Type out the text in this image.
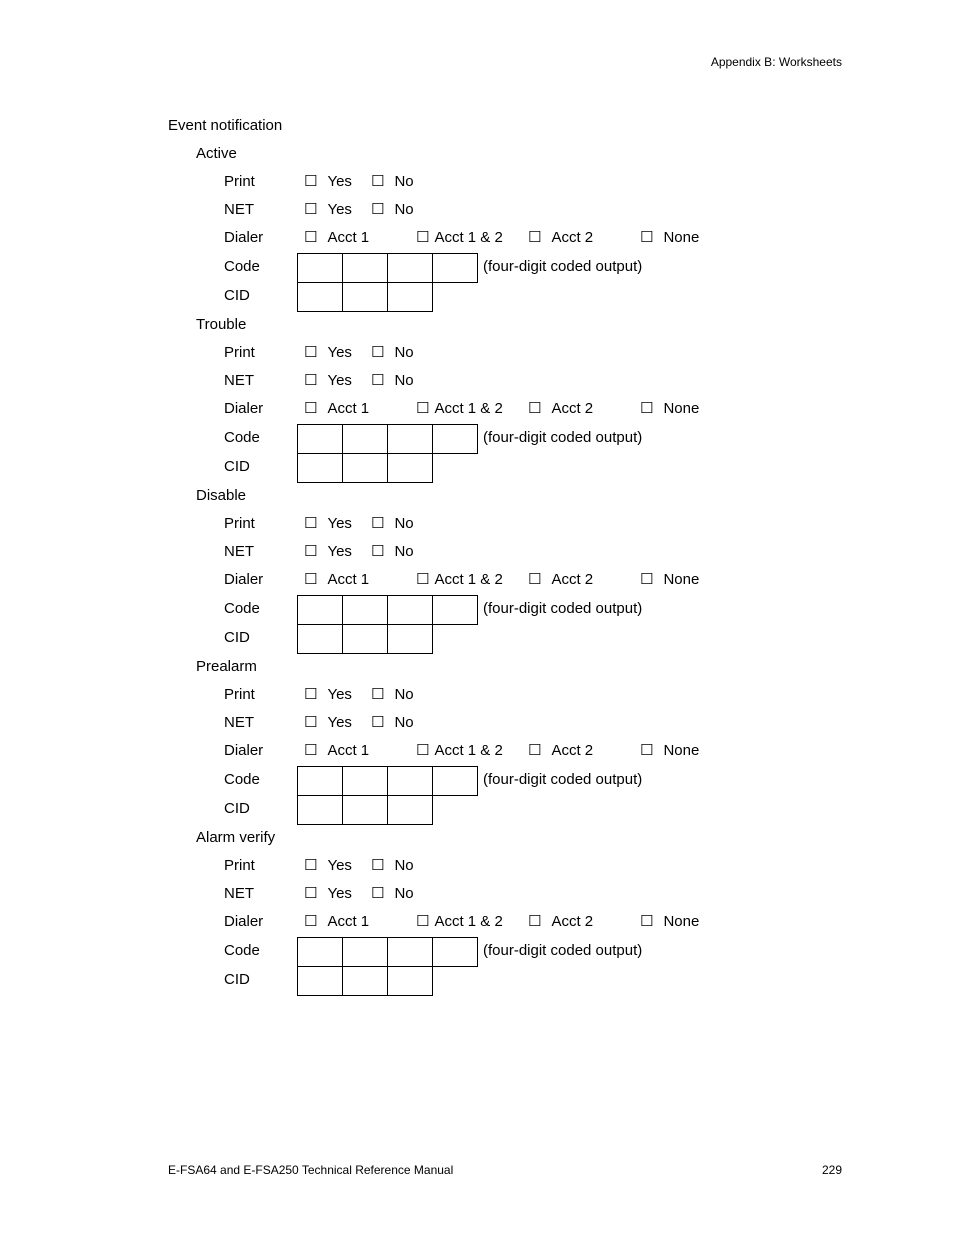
Appendix B: Worksheets
Event notification
Active
Print	☐ Yes ☐ No
NET	☐ Yes ☐ No
Dialer	☐ Acct 1	☐ Acct 1 & 2 ☐ Acct 2	☐ None
Code	(four-digit coded output)
CID
Trouble
Print	☐ Yes ☐ No
NET	☐ Yes ☐ No
Dialer	☐ Acct 1	☐ Acct 1 & 2 ☐ Acct 2	☐ None
Code	(four-digit coded output)
CID
Disable
Print	☐ Yes ☐ No
NET	☐ Yes ☐ No
Dialer	☐ Acct 1	☐ Acct 1 & 2 ☐ Acct 2	☐ None
Code	(four-digit coded output)
CID
Prealarm
Print	☐ Yes ☐ No
NET	☐ Yes ☐ No
Dialer	☐ Acct 1	☐ Acct 1 & 2 ☐ Acct 2	☐ None
Code	(four-digit coded output)
CID
Alarm verify
Print	☐ Yes ☐ No
NET	☐ Yes ☐ No
Dialer	☐ Acct 1	☐ Acct 1 & 2 ☐ Acct 2	☐ None
Code	(four-digit coded output)
CID
E-FSA64 and E-FSA250 Technical Reference Manual	229
